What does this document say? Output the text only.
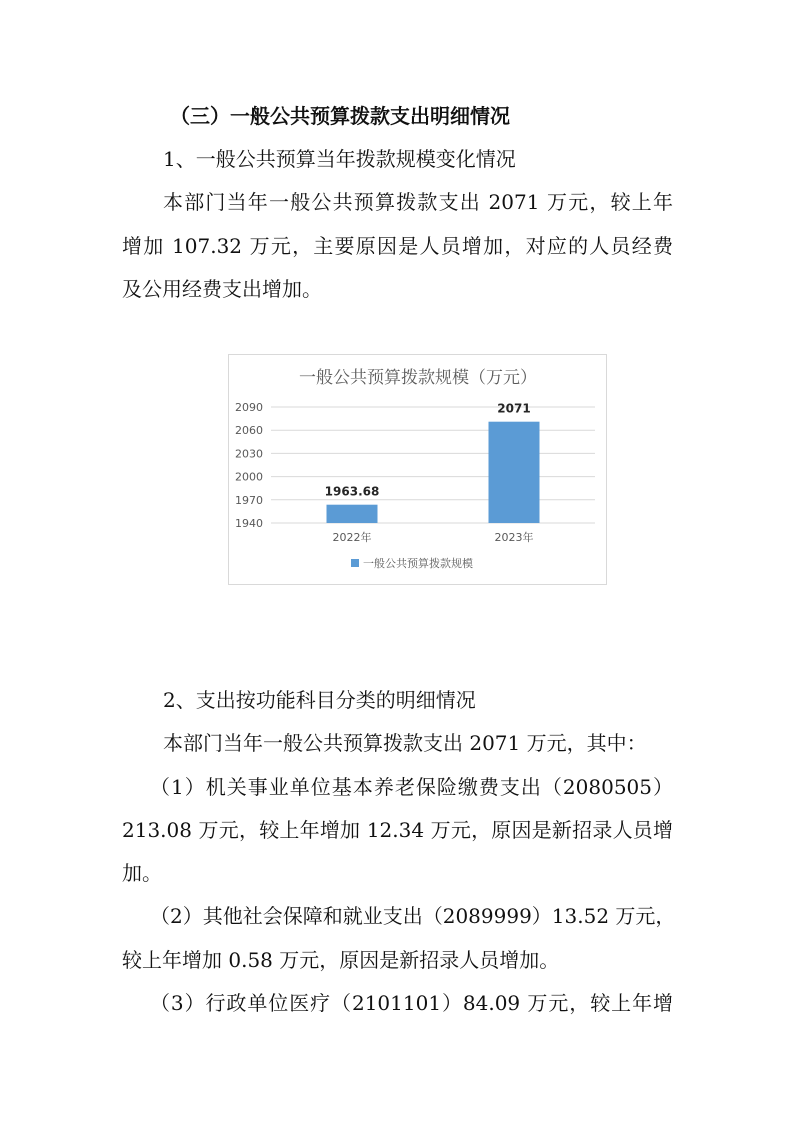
（三）一般公共预算拨款支出明细情况
1、一般公共预算当年拨款规模变化情况
本部门当年一般公共预算拨款支出 2071 万元，较上年
增加 107.32 万元，主要原因是人员增加，对应的人员经费
及公用经费支出增加。
一般公共预算拨款规模（万元）
1940
1970
2000
2030
2060
2090
1963.68
2022年
2071
2023年
一般公共预算拨款规模
2、支出按功能科目分类的明细情况
本部门当年一般公共预算拨款支出 2071 万元，其中：
（1）机关事业单位基本养老保险缴费支出（2080505）
213.08 万元，较上年增加 12.34 万元，原因是新招录人员增
加。
（2）其他社会保障和就业支出（2089999）13.52 万元，
较上年增加 0.58 万元，原因是新招录人员增加。
（3）行政单位医疗（2101101）84.09 万元，较上年增
